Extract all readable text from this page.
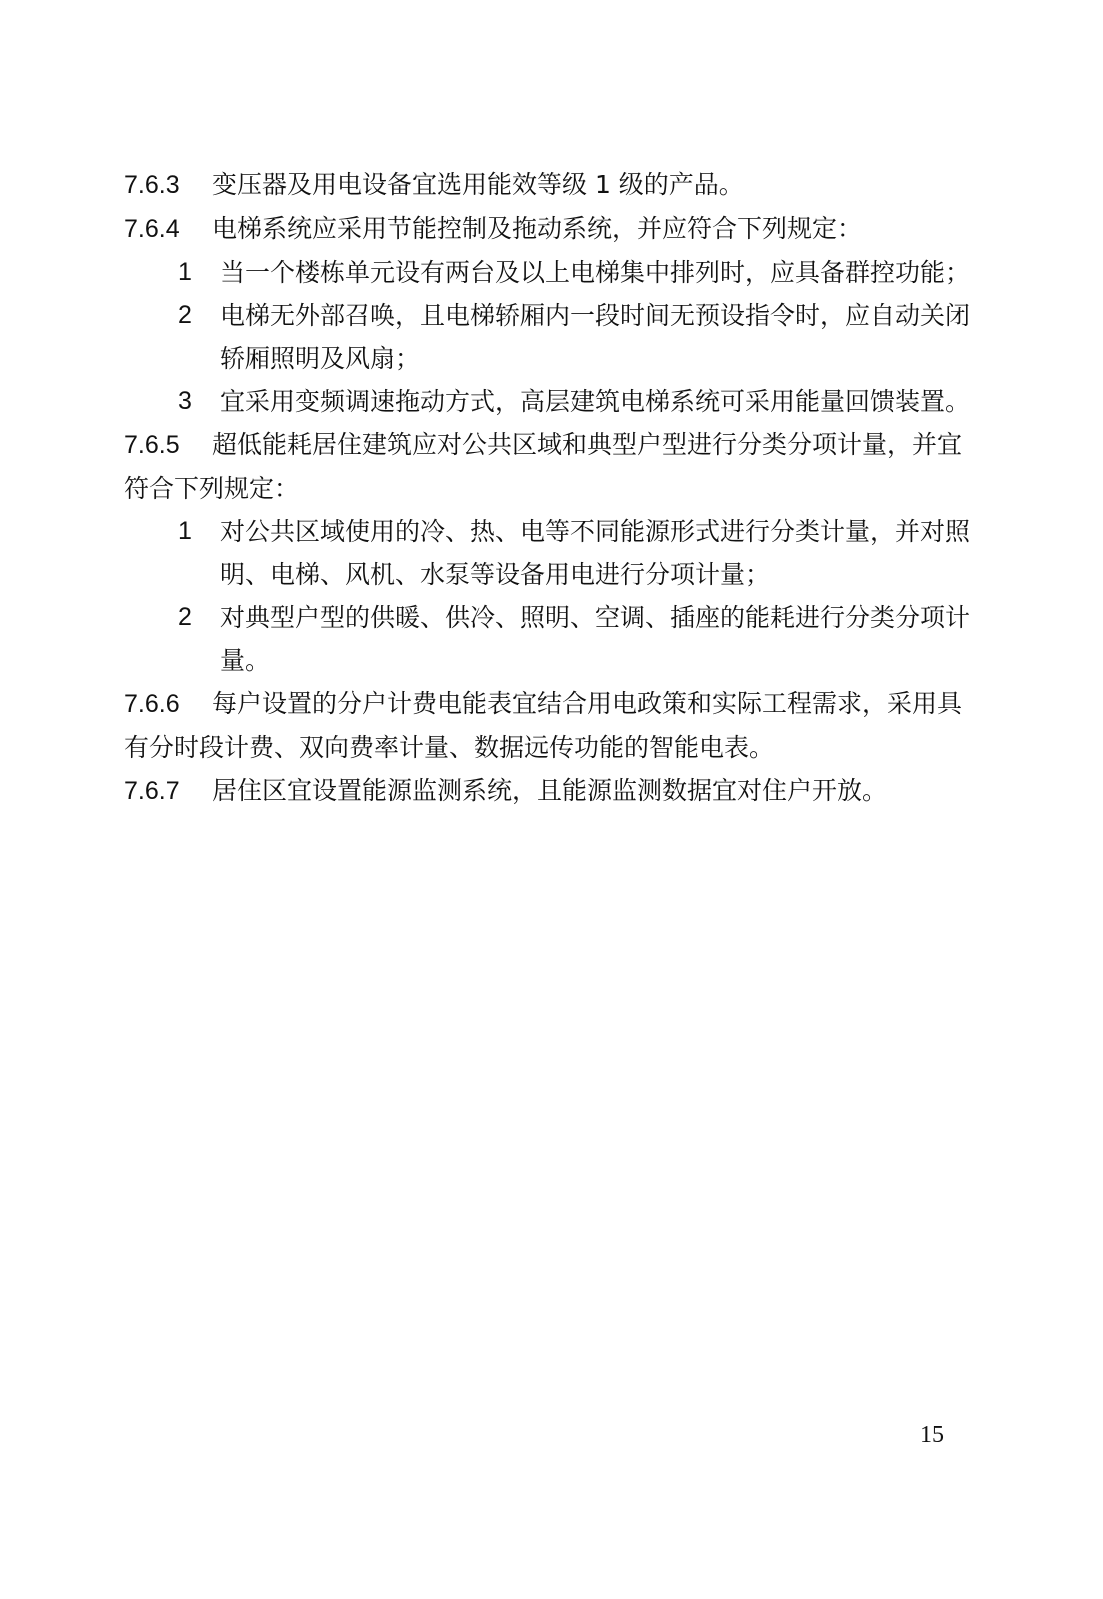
7.6.3 变压器及用电设备宜选用能效等级 1 级的产品。

7.6.4 电梯系统应采用节能控制及拖动系统，并应符合下列规定：

1 当一个楼栋单元设有两台及以上电梯集中排列时，应具备群控功能；

2 电梯无外部召唤，且电梯轿厢内一段时间无预设指令时，应自动关闭轿厢照明及风扇；

3 宜采用变频调速拖动方式，高层建筑电梯系统可采用能量回馈装置。

7.6.5 超低能耗居住建筑应对公共区域和典型户型进行分类分项计量，并宜符合下列规定：

1 对公共区域使用的冷、热、电等不同能源形式进行分类计量，并对照明、电梯、风机、水泵等设备用电进行分项计量；

2 对典型户型的供暖、供冷、照明、空调、插座的能耗进行分类分项计量。

7.6.6 每户设置的分户计费电能表宜结合用电政策和实际工程需求，采用具有分时段计费、双向费率计量、数据远传功能的智能电表。

7.6.7 居住区宜设置能源监测系统，且能源监测数据宜对住户开放。

15
